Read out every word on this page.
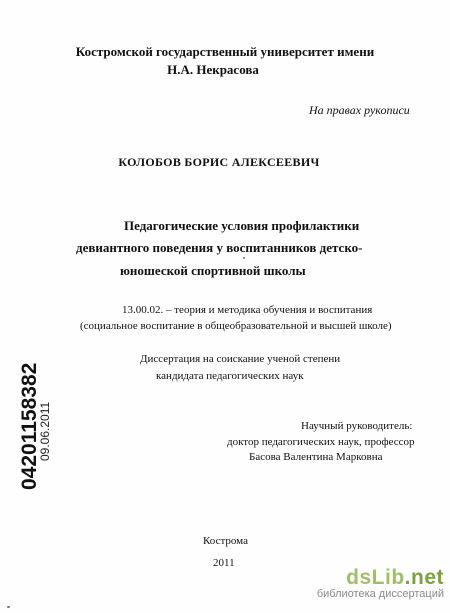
Костромской государственный университет имени
Н.А. Некрасова
На правах рукописи
КОЛОБОВ БОРИС АЛЕКСЕЕВИЧ
Педагогические условия профилактики
девиантного поведения у воспитанников детско-
юношеской спортивной школы
13.00.02. – теория и методика обучения и воспитания
(социальное воспитание в общеобразовательной и высшей школе)
Диссертация на соискание ученой степени
кандидата педагогических наук
Научный руководитель:
доктор педагогических наук, профессор
Басова Валентина Марковна
Кострома
2011
04201158382
09.06.2011
dsLib.net
библиотека диссертаций
